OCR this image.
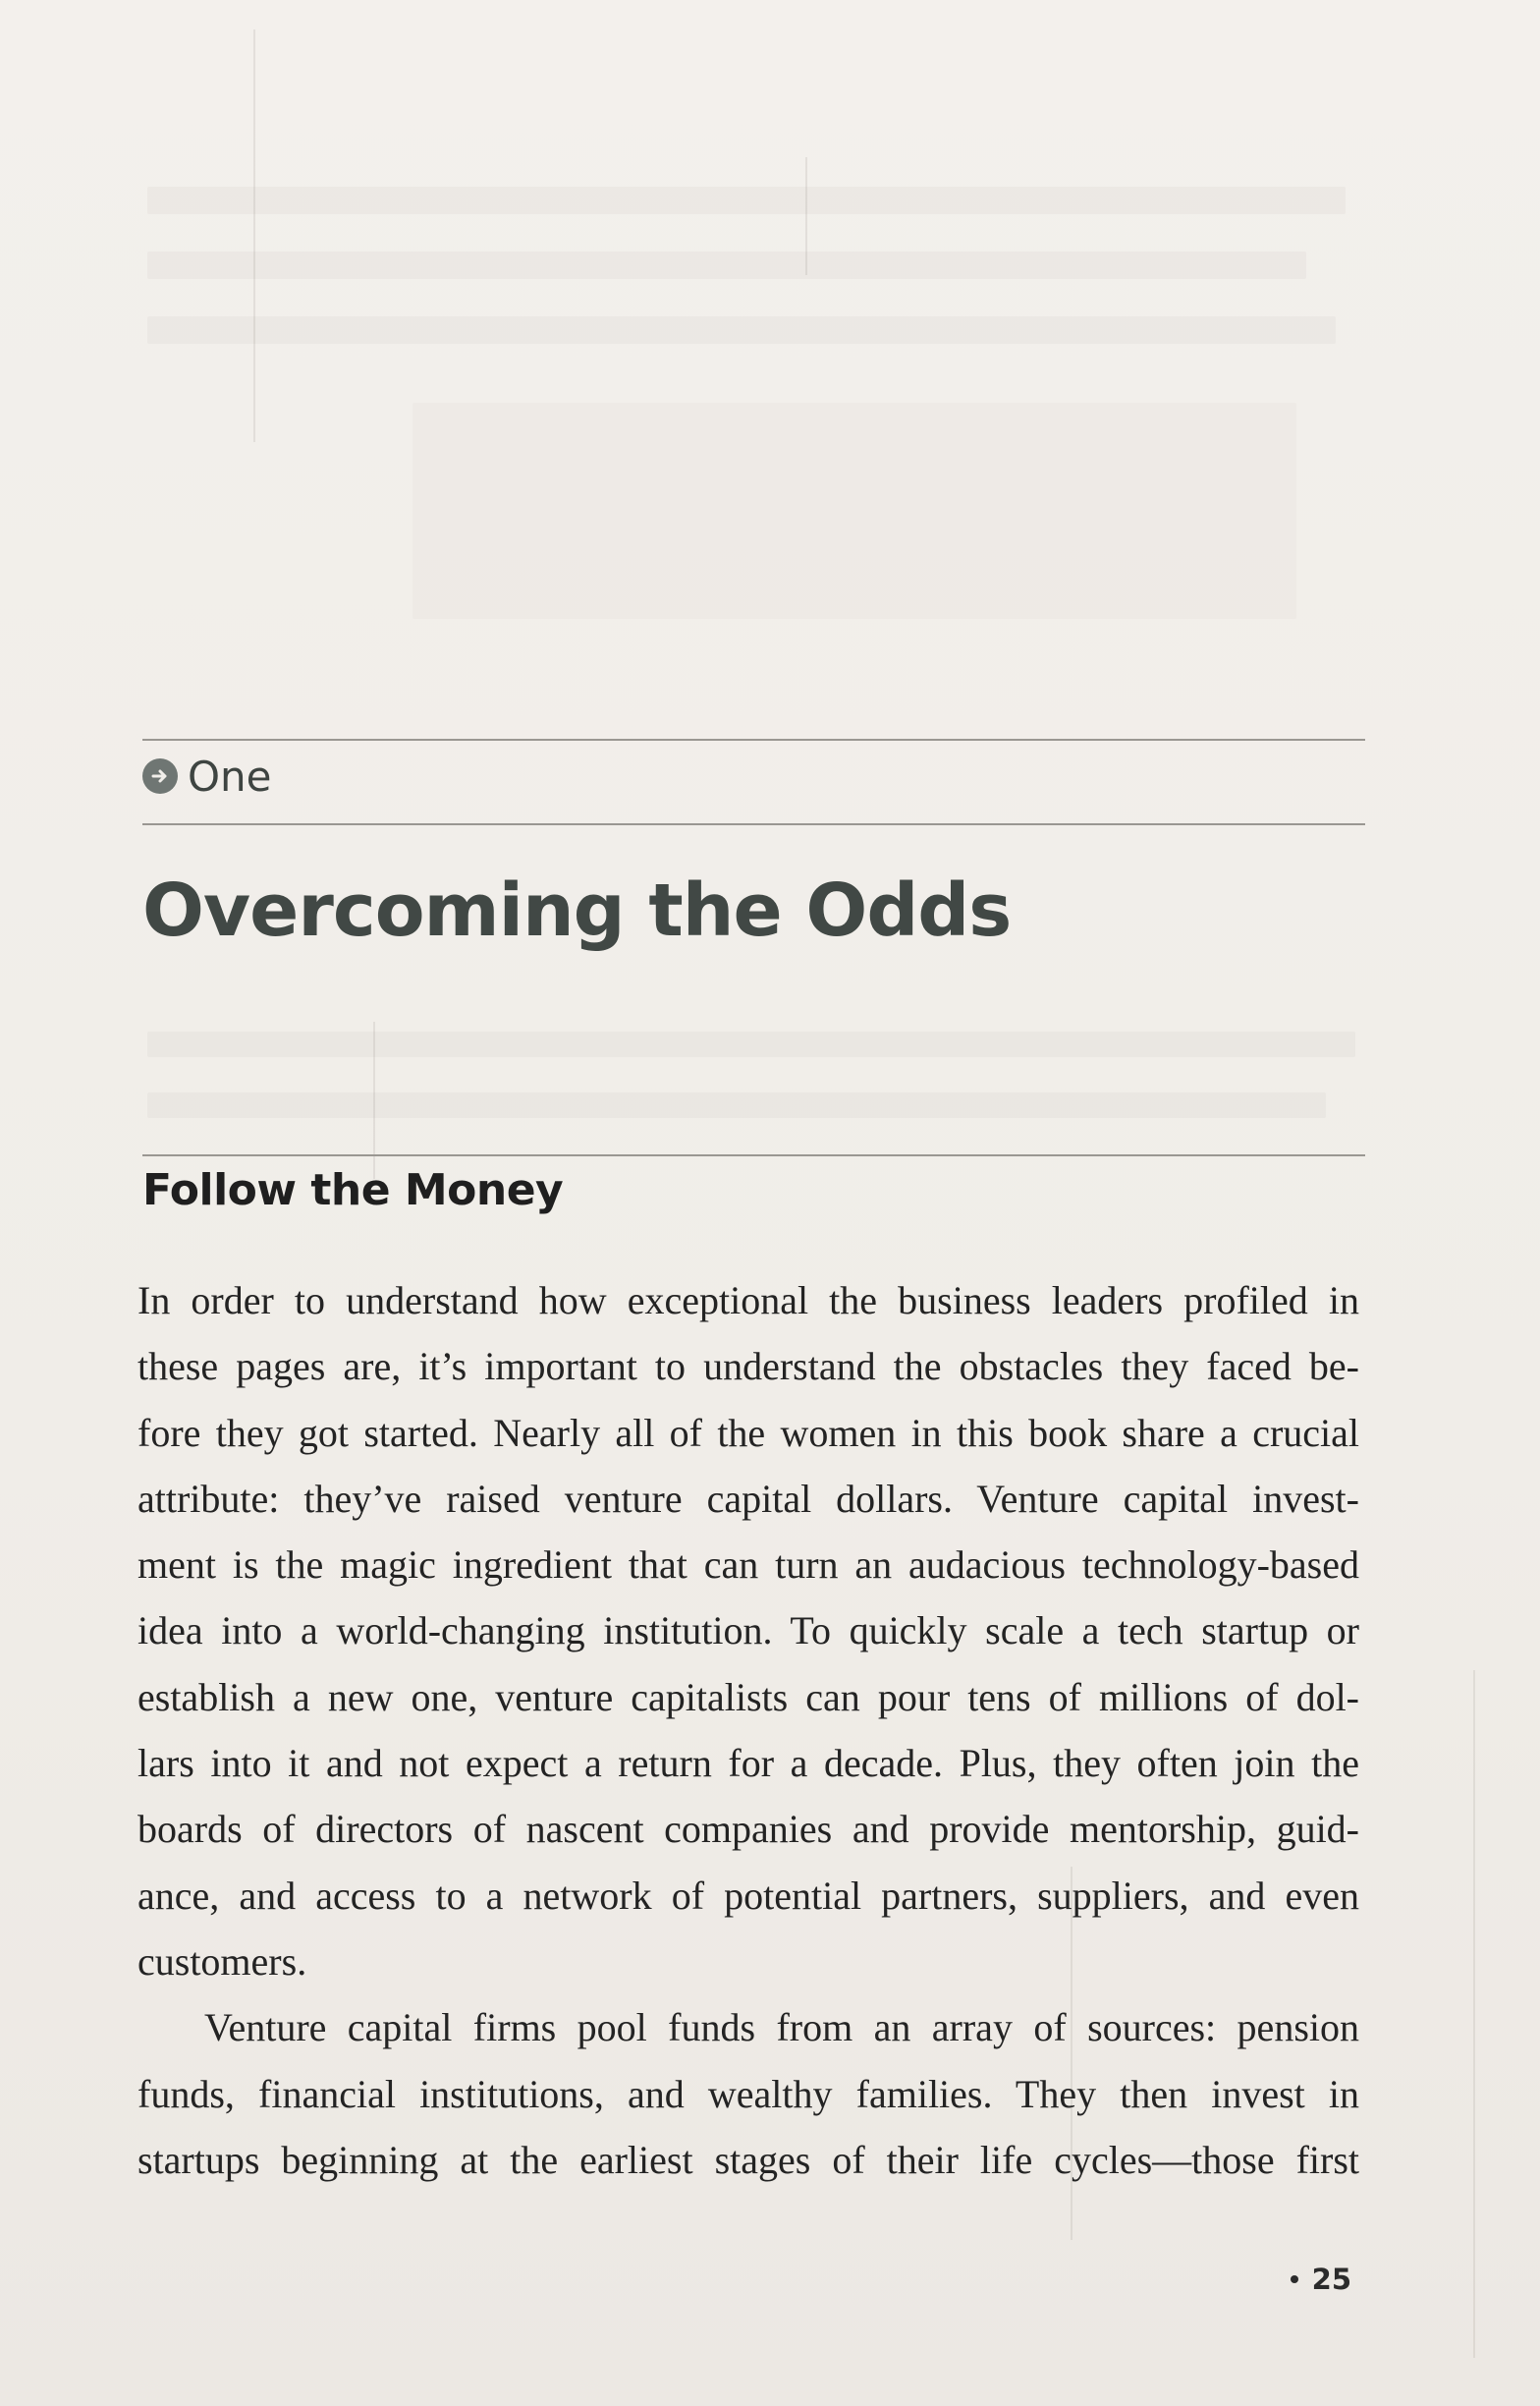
One
Overcoming the Odds
Follow the Money
In order to understand how exceptional the business leaders profiled in
these pages are, it’s important to understand the obstacles they faced be-
fore they got started. Nearly all of the women in this book share a crucial
attribute: they’ve raised venture capital dollars. Venture capital invest-
ment is the magic ingredient that can turn an audacious technology-based
idea into a world-changing institution. To quickly scale a tech startup or
establish a new one, venture capitalists can pour tens of millions of dol-
lars into it and not expect a return for a decade. Plus, they often join the
boards of directors of nascent companies and provide mentorship, guid-
ance, and access to a network of potential partners, suppliers, and even
customers.
Venture capital firms pool funds from an array of sources: pension
funds, financial institutions, and wealthy families. They then invest in
startups beginning at the earliest stages of their life cycles—those first
25
